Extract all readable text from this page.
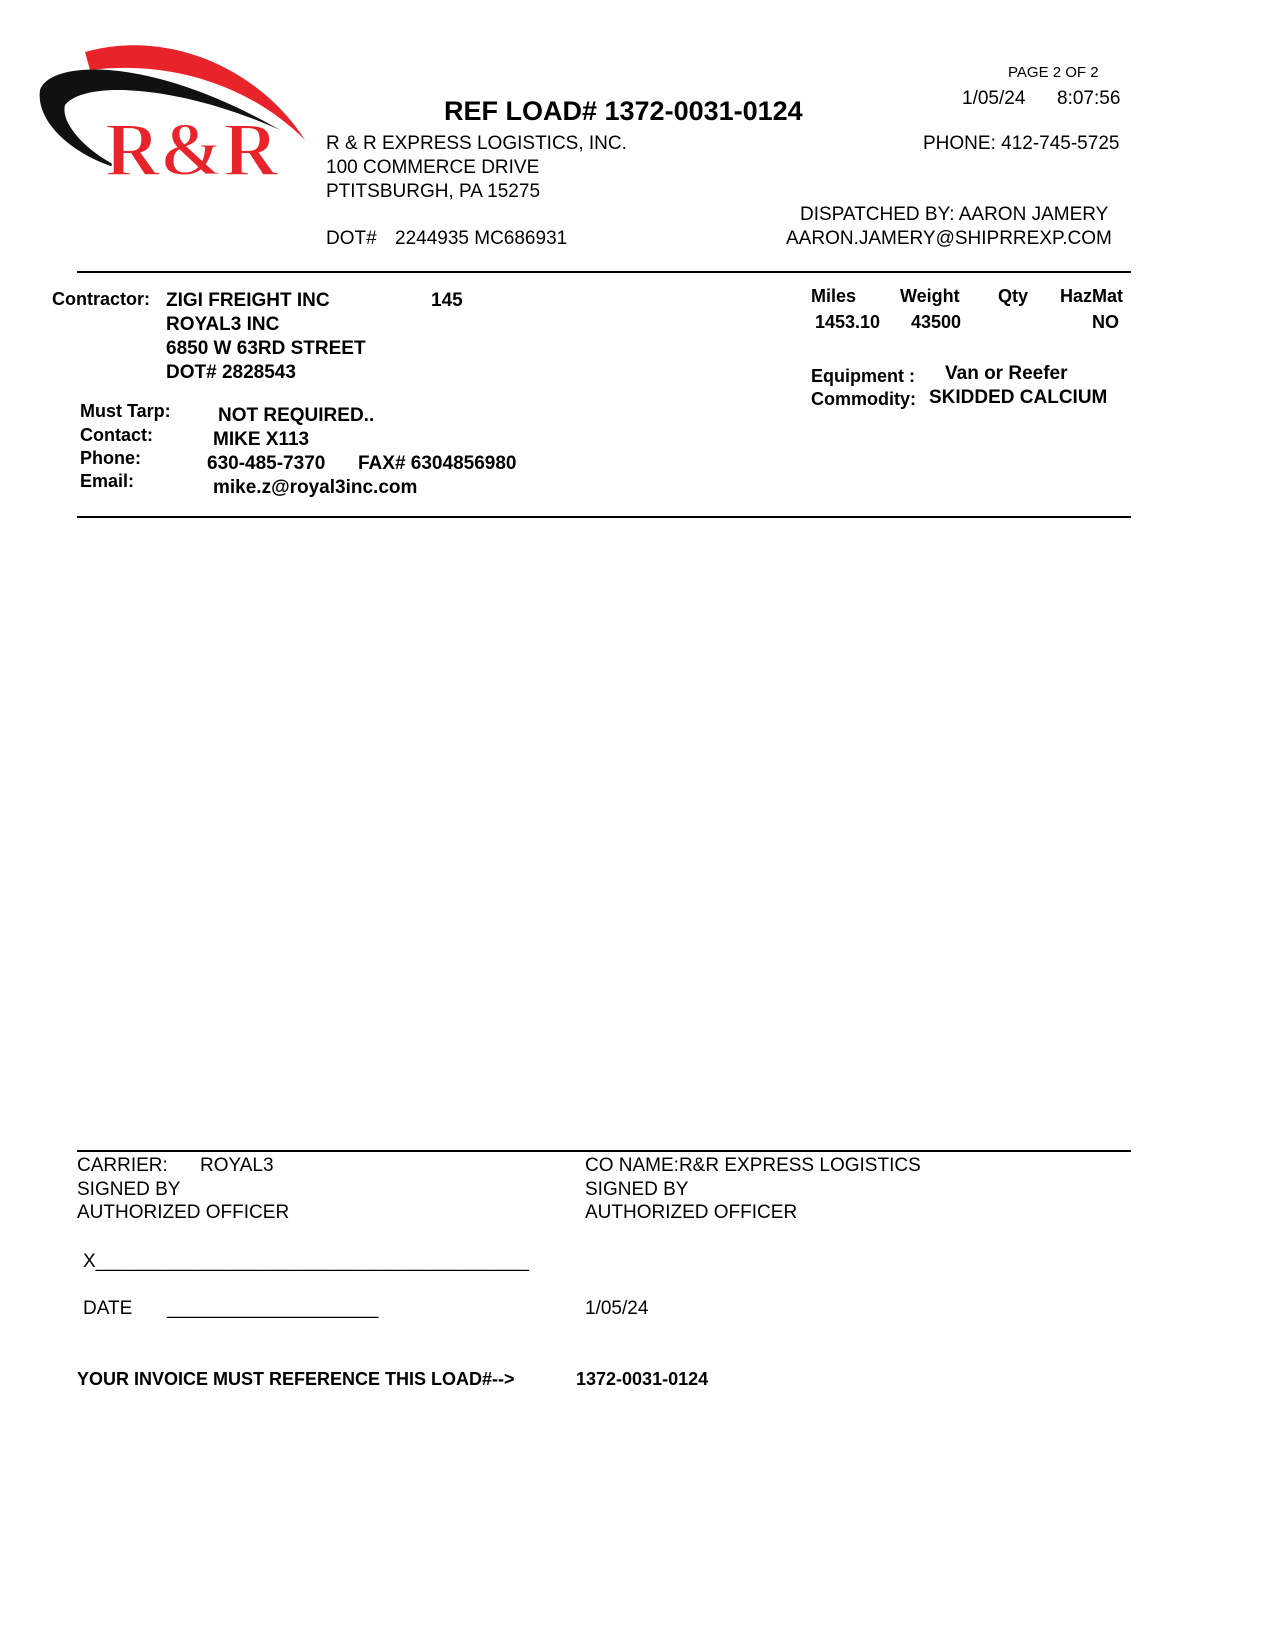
R&R
PAGE 2 OF 2
1/05/24 8:07:56
REF LOAD# 1372-0031-0124
R & R EXPRESS LOGISTICS, INC.
100 COMMERCE DRIVE
PTITSBURGH, PA 15275
PHONE: 412-745-5725
DISPATCHED BY: AARON JAMERY
AARON.JAMERY@SHIPRREXP.COM
DOT# 2244935 MC686931
Contractor: ZIGI FREIGHT INC	145
ROYAL3 INC
6850 W 63RD STREET
DOT# 2828543
Must Tarp: NOT REQUIRED..
Contact:	MIKE X113
Phone:	630-485-7370 FAX# 6304856980
Email:	mike.z@royal3inc.com
Miles Weight Qty HazMat
1453.10 43500	NO
Equipment : Van or Reefer
Commodity: SKIDDED CALCIUM
CARRIER: ROYAL3
SIGNED BY
AUTHORIZED OFFICER
CO NAME:R&R EXPRESS LOGISTICS
SIGNED BY
AUTHORIZED OFFICER
X_________________________________________
DATE ____________________	1/05/24
YOUR INVOICE MUST REFERENCE THIS LOAD#-->	1372-0031-0124
